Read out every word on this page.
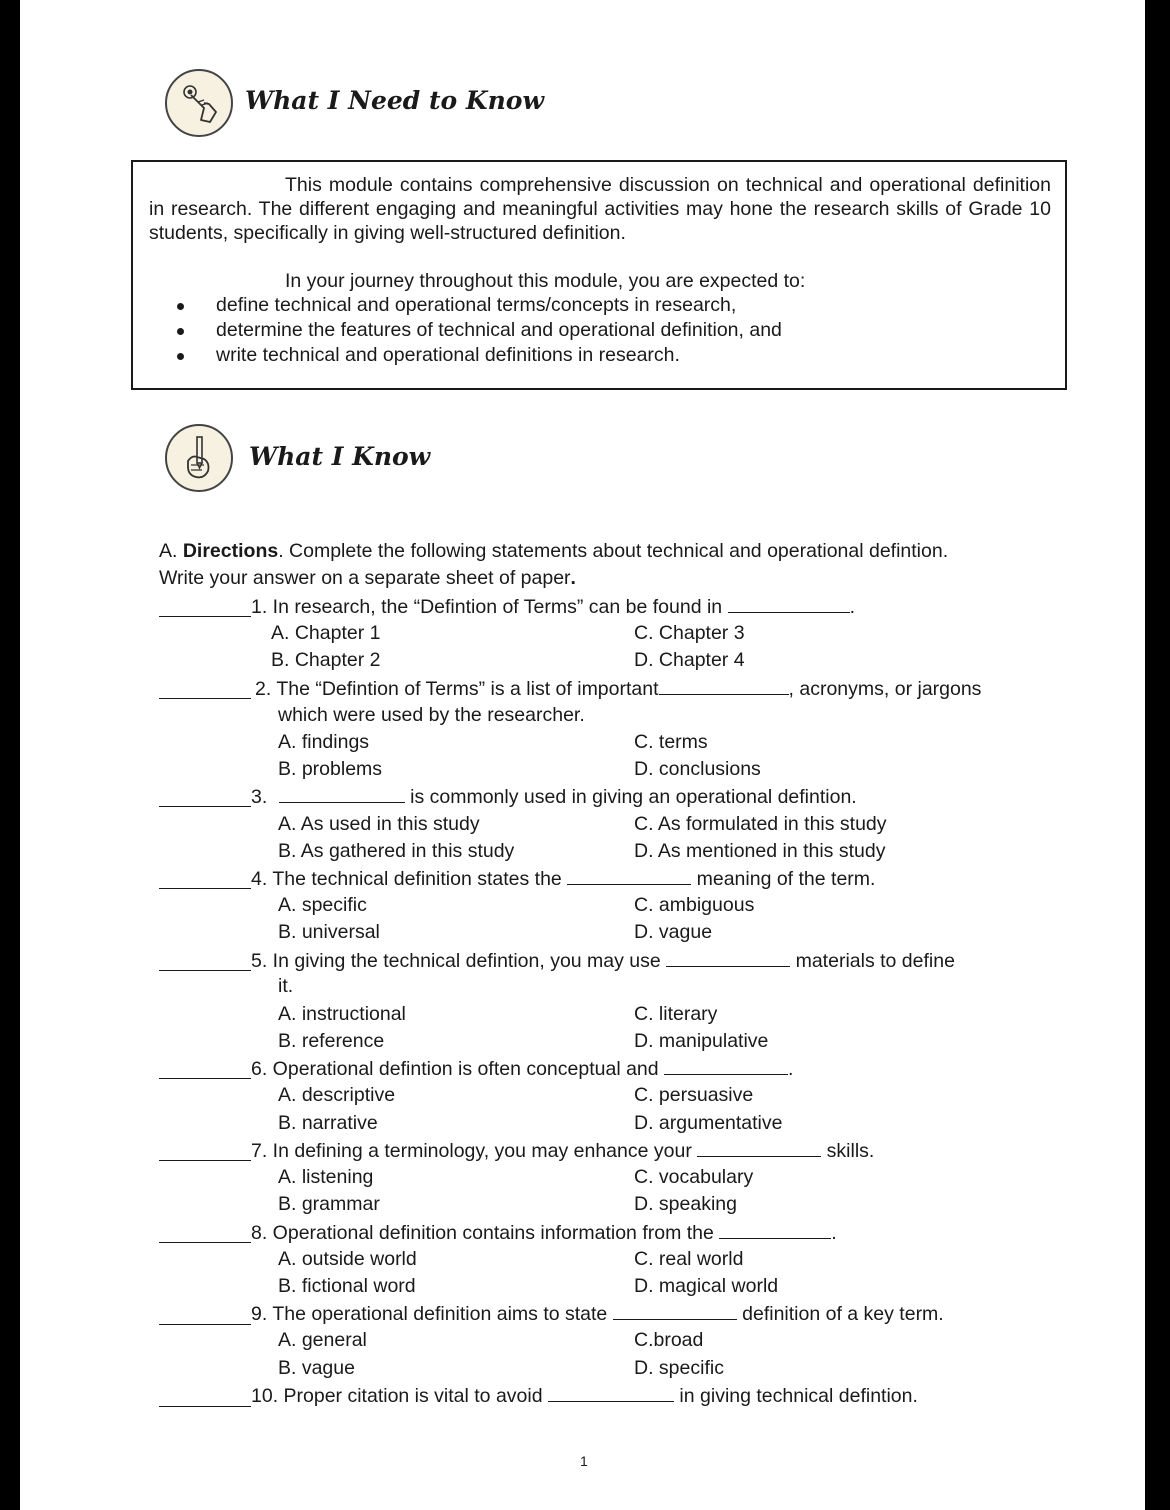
What I Need to Know

This module contains comprehensive discussion on technical and operational definition in research. The different engaging and meaningful activities may hone the research skills of Grade 10 students, specifically in giving well-structured definition.

In your journey throughout this module, you are expected to:

define technical and operational terms/concepts in research,
determine the features of technical and operational definition, and
write technical and operational definitions in research.
What I Know
A. Directions. Complete the following statements about technical and operational defintion.
Write your answer on a separate sheet of paper.
1. In research, the “Defintion of Terms” can be found in	.
A. Chapter 1	C. Chapter 3
B. Chapter 2	D. Chapter 4
2. The “Defintion of Terms” is a list of important	, acronyms, or jargons
which were used by the researcher.
A. findings	C. terms
B. problems	D. conclusions
3.	is commonly used in giving an operational defintion.
A. As used in this study	C. As formulated in this study
B. As gathered in this study	D. As mentioned in this study
4. The technical definition states the	meaning of the term.
A. specific	C. ambiguous
B. universal	D. vague
5. In giving the technical defintion, you may use	materials to define
it.
A. instructional	C. literary
B. reference	D. manipulative
6. Operational defintion is often conceptual and	.
A. descriptive	C. persuasive
B. narrative	D. argumentative
7. In defining a terminology, you may enhance your	skills.
A. listening	C. vocabulary
B. grammar	D. speaking
8. Operational definition contains information from the	.
A. outside world	C. real world
B. fictional word	D. magical world
9. The operational definition aims to state	definition of a key term.
A. general	C.broad
B. vague	D. specific
10. Proper citation is vital to avoid	in giving technical defintion.
1
